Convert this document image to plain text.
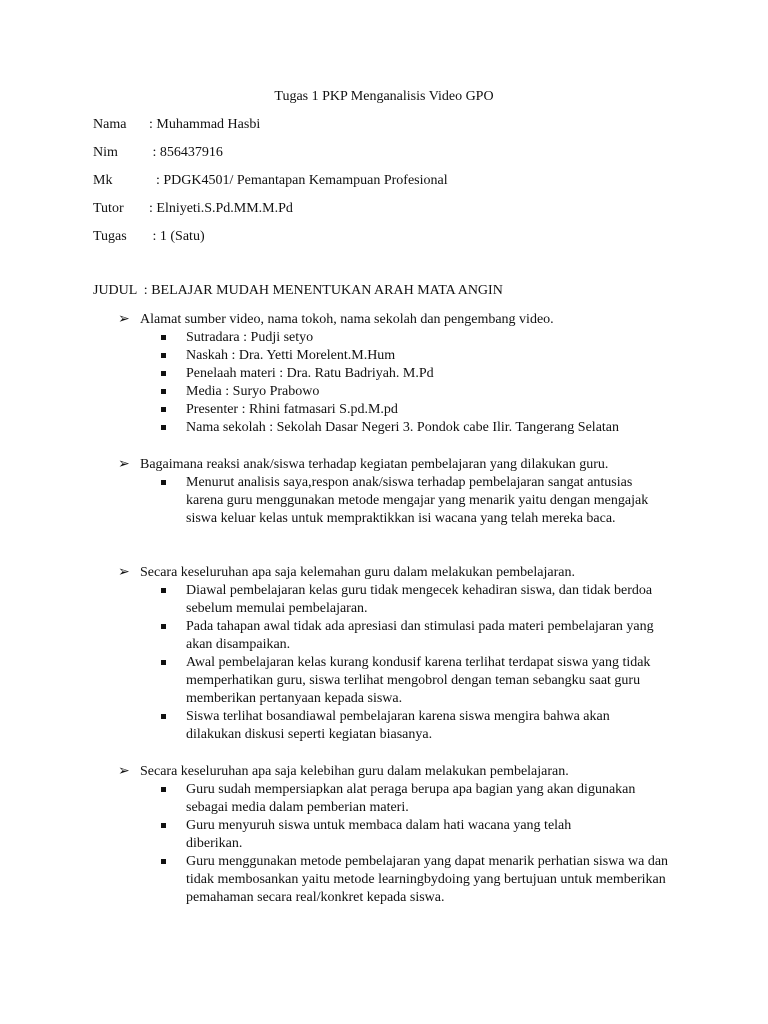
Tugas 1 PKP Menganalisis Video GPO
Nama : Muhammad Hasbi
Nim : 856437916
Mk	: PDGK4501/ Pemantapan Kemampuan Profesional
Tutor : Elniyeti.S.Pd.MM.M.Pd
Tugas : 1 (Satu)
JUDUL  : BELAJAR MUDAH MENENTUKAN ARAH MATA ANGIN
➢ Alamat sumber video, nama tokoh, nama sekolah dan pengembang video.
Sutradara : Pudji setyo
Naskah : Dra. Yetti Morelent.M.Hum
Penelaah materi : Dra. Ratu Badriyah. M.Pd
Media : Suryo Prabowo
Presenter : Rhini fatmasari S.pd.M.pd
Nama sekolah : Sekolah Dasar Negeri 3. Pondok cabe Ilir. Tangerang Selatan
➢ Bagaimana reaksi anak/siswa terhadap kegiatan pembelajaran yang dilakukan guru.
Menurut analisis saya,respon anak/siswa terhadap pembelajaran sangat antusias karena guru menggunakan metode mengajar yang menarik yaitu dengan mengajak siswa keluar kelas untuk mempraktikkan isi wacana yang telah mereka baca.
➢ Secara keseluruhan apa saja kelemahan guru dalam melakukan pembelajaran.
Diawal pembelajaran kelas guru tidak mengecek kehadiran siswa, dan tidak berdoa sebelum memulai pembelajaran.
Pada tahapan awal tidak ada apresiasi dan stimulasi pada materi pembelajaran yang akan disampaikan.
Awal pembelajaran kelas kurang kondusif karena terlihat terdapat siswa yang tidak memperhatikan guru, siswa terlihat mengobrol dengan teman sebangku saat guru memberikan pertanyaan kepada siswa.
Siswa terlihat bosandiawal pembelajaran karena siswa mengira bahwa akan dilakukan diskusi seperti kegiatan biasanya.
➢ Secara keseluruhan apa saja kelebihan guru dalam melakukan pembelajaran.
Guru sudah mempersiapkan alat peraga berupa apa bagian yang akan digunakan sebagai media dalam pemberian materi.
Guru menyuruh siswa untuk membaca dalam hati wacana yang telah diberikan.
Guru menggunakan metode pembelajaran yang dapat menarik perhatian siswa wa dan tidak membosankan yaitu metode learningbydoing yang bertujuan untuk memberikan pemahaman secara real/konkret kepada siswa.
